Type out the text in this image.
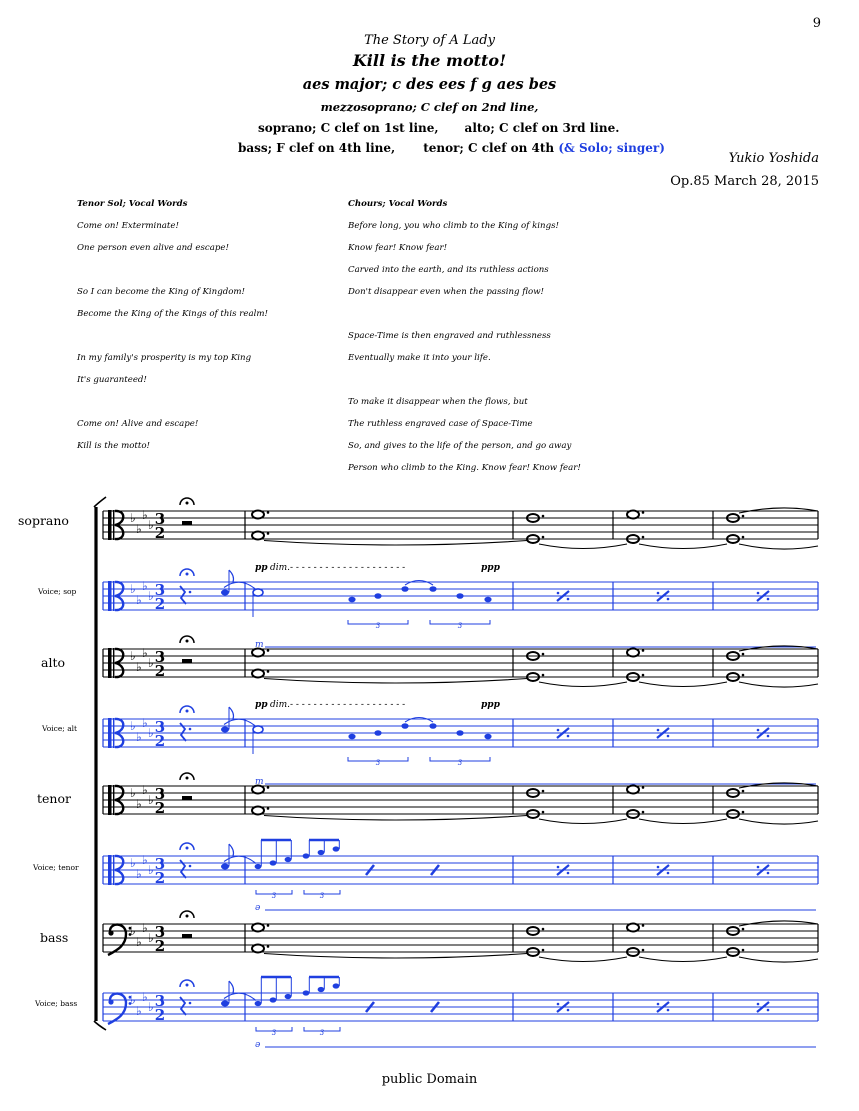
9
The Story of A Lady
Kill is the motto!
aes major; c des ees f g aes bes
mezzosoprano; C clef on 2nd line,
soprano; C clef on 1st line, alto; C clef on 3rd line.
bass; F clef on 4th line, tenor; C clef on 4th (& Solo; singer)
Yukio Yoshida
Op.85 March 28, 2015
Tenor Sol; Vocal Words
Come on! Exterminate!
One person even alive and escape!
So I can become the King of Kingdom!
Become the King of the Kings of this realm!
In my family's prosperity is my top King
It's guaranteed!
Come on! Alive and escape!
Kill is the motto!
Chours; Vocal Words
Before long, you who climb to the King of kings!
Know fear! Know fear!
Carved into the earth, and its ruthless actions
Don't disappear even when the passing flow!
Space-Time is then engraved and ruthlessness
Eventually make it into your life.
To make it disappear when the flows, but
The ruthless engraved case of Space-Time
So, and gives to the life of the person, and go away
Person who climb to the King. Know fear! Know fear!
soprano
Voice; sop
alto
Voice; alt
tenor
Voice; tenor
bass
Voice; bass
public Domain
♭
♭
♭
♭ 3
2
♭
♭
♭
♭ 3
2
3	3
pp dim. - - - - - - - - - - - - - - - - - - - -	ppp
m
♭
♭
♭
♭ 3
2
♭
♭
♭
♭ 3
2
3	3
pp dim. - - - - - - - - - - - - - - - - - - - -	ppp
m
♭
♭
♭
♭ 3
2
♭
♭
♭
♭ 3
2
3	3
ə
♭
♭
♭
♭ 3
2
♭
♭
♭
♭ 3
2
3	3
ə
